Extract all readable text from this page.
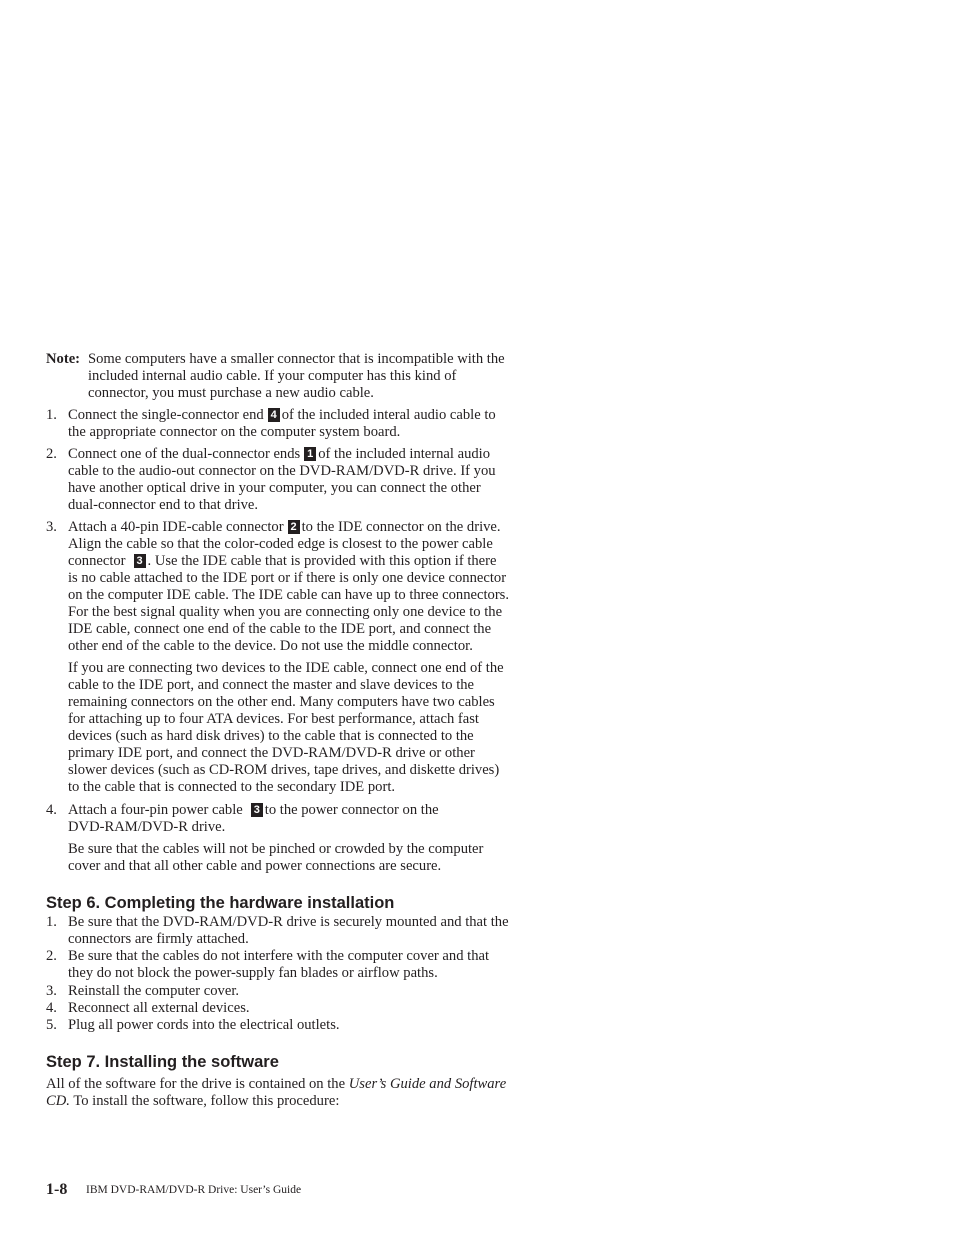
Note: Some computers have a smaller connector that is incompatible with the
included internal audio cable. If your computer has this kind of
connector, you must purchase a new audio cable.
1. Connect the single-connector end 4 of the included interal audio cable to
the appropriate connector on the computer system board.
2. Connect one of the dual-connector ends 1 of the included internal audio
cable to the audio-out connector on the DVD-RAM/DVD-R drive. If you
have another optical drive in your computer, you can connect the other
dual-connector end to that drive.
3. Attach a 40-pin IDE-cable connector 2 to the IDE connector on the drive.
Align the cable so that the color-coded edge is closest to the power cable
connector 3 . Use the IDE cable that is provided with this option if there
is no cable attached to the IDE port or if there is only one device connector
on the computer IDE cable. The IDE cable can have up to three connectors.
For the best signal quality when you are connecting only one device to the
IDE cable, connect one end of the cable to the IDE port, and connect the
other end of the cable to the device. Do not use the middle connector.
If you are connecting two devices to the IDE cable, connect one end of the
cable to the IDE port, and connect the master and slave devices to the
remaining connectors on the other end. Many computers have two cables
for attaching up to four ATA devices. For best performance, attach fast
devices (such as hard disk drives) to the cable that is connected to the
primary IDE port, and connect the DVD-RAM/DVD-R drive or other
slower devices (such as CD-ROM drives, tape drives, and diskette drives)
to the cable that is connected to the secondary IDE port.
4. Attach a four-pin power cable 3 to the power connector on the
DVD-RAM/DVD-R drive.
Be sure that the cables will not be pinched or crowded by the computer
cover and that all other cable and power connections are secure.
Step 6. Completing the hardware installation
1. Be sure that the DVD-RAM/DVD-R drive is securely mounted and that the
connectors are firmly attached.
2. Be sure that the cables do not interfere with the computer cover and that
they do not block the power-supply fan blades or airflow paths.
3. Reinstall the computer cover.
4. Reconnect all external devices.
5. Plug all power cords into the electrical outlets.
Step 7. Installing the software
All of the software for the drive is contained on the User’s Guide and Software
CD. To install the software, follow this procedure:
1-8 IBM DVD-RAM/DVD-R Drive: User’s Guide
